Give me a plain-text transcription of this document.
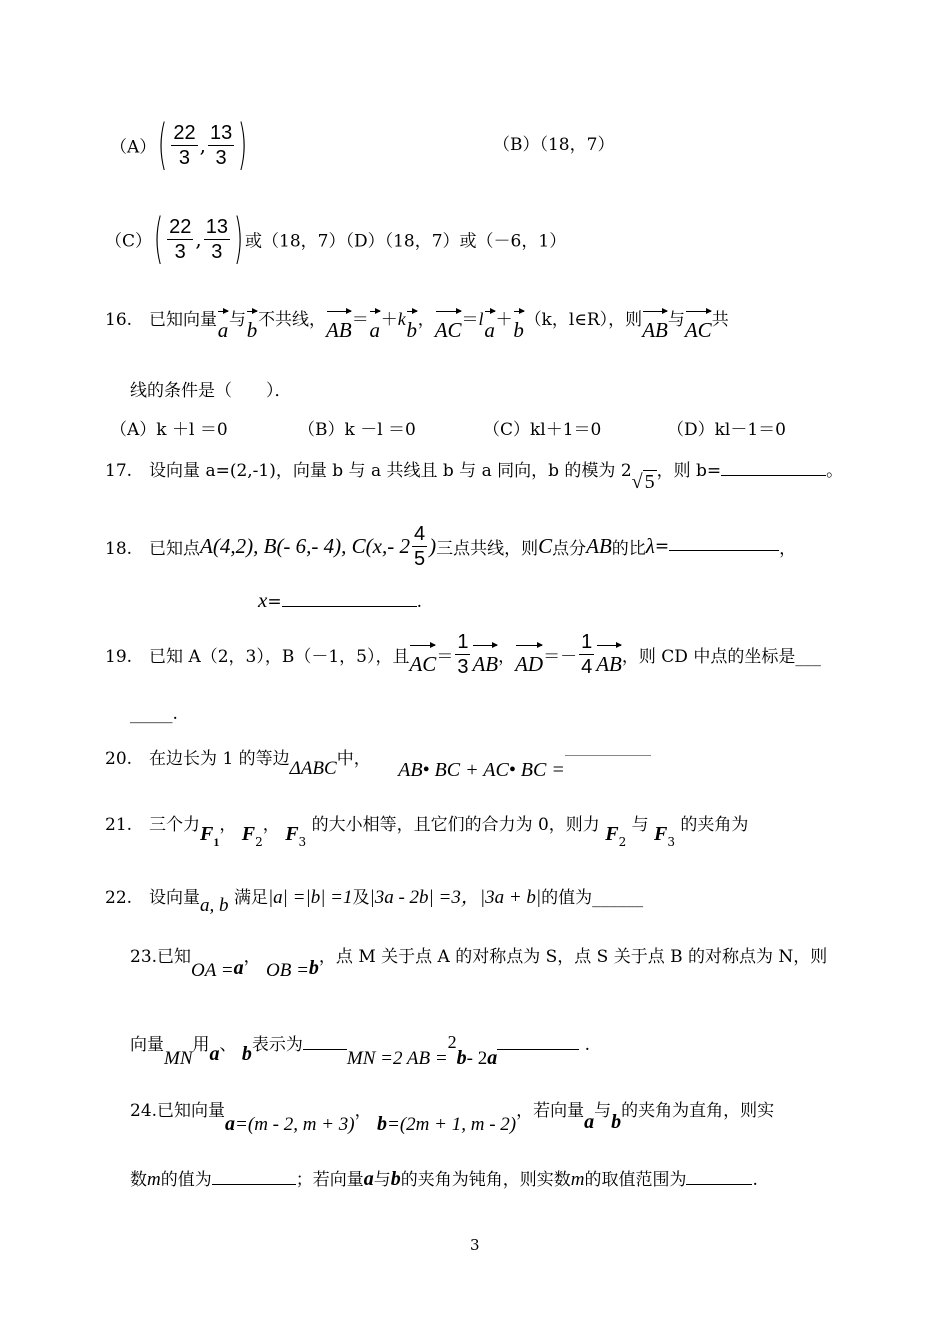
$(A)( \frac{22}{3}$ , $\frac{13}{3}$ )	（B）（18，7）
$(C)( \frac{22}{3}$ , $\frac{13}{3}$ ) 或（18，7）（D）（18，7）或（－6，1）
16.　 已知向量a与b不共线，AB＝a＋kb，AC＝la＋b（k，l∈R），则AB与AC共
线的条件是（　　）．
（A）k ＋l ＝0	（B）k －l ＝0	（C）kl＋1＝0	（D）kl－1＝0
17.　设向量 a=(2,-1)，向量 b 与 a 共线且 b 与 a 同向，b 的模为 2√ 5 ，则 b=	。
18.　已知点A(4,2), B(- 6,- 4), C(x,- $2 \frac{4}{5}$ )三点共线，则C点分AB的比λ=	，
x=	.
19.　已知 A（2，3），B（－1，5），且$AC= \frac{1}{3}$ AB，$AD=- \frac{1}{4}$ AB，则 CD 中点的坐标是___
_____.
20.　在边长为 1 的等边ΔABC中， AB• BC + AC• BC =
21.　三个力$F_1$， $F_2$， $F_3$ 的大小相等，且它们的合力为 0，则力 $F_2$ 与 $F_3$ 的夹角为
22.　设向量a, b 满足|a| =|b| =1及|3a - 2b| =3，|3a + b|的值为______
23.已知OA =a， OB =b，点 M 关于点 A 的对称点为 S，点 S 关于点 B 的对称点为 N，则
向量MN用a、 b表示为MN =2 AB =2b- 2a .
24.已知向量a=(m - 2, m + 3)， b=(2m + 1, m - 2)，若向量a与b的夹角为直角，则实
数m的值为	；若向量a与b的夹角为钝角，则实数m的取值范围为	.
3
